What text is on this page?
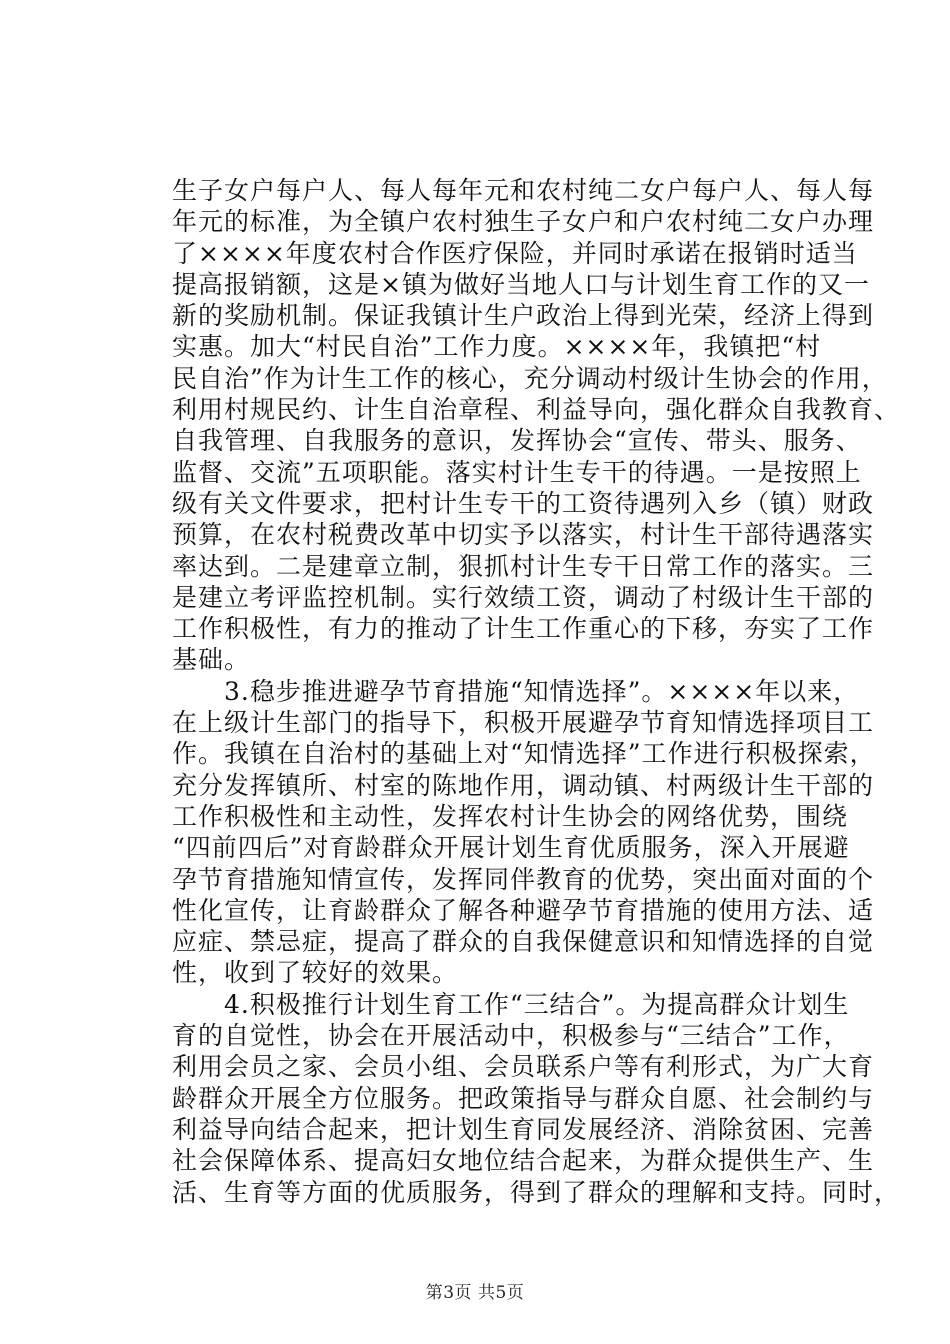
生子女户每户人、每人每年元和农村纯二女户每户人、每人每
年元的标准，为全镇户农村独生子女户和户农村纯二女户办理
了××××年度农村合作医疗保险，并同时承诺在报销时适当
提高报销额，这是×镇为做好当地人口与计划生育工作的又一
新的奖励机制。保证我镇计生户政治上得到光荣，经济上得到
实惠。加大“村民自治”工作力度。××××年，我镇把“村
民自治”作为计生工作的核心，充分调动村级计生协会的作用，
利用村规民约、计生自治章程、利益导向，强化群众自我教育、
自我管理、自我服务的意识，发挥协会“宣传、带头、服务、
监督、交流”五项职能。落实村计生专干的待遇。一是按照上
级有关文件要求，把村计生专干的工资待遇列入乡（镇）财政
预算，在农村税费改革中切实予以落实，村计生干部待遇落实
率达到。二是建章立制，狠抓村计生专干日常工作的落实。三
是建立考评监控机制。实行效绩工资，调动了村级计生干部的
工作积极性，有力的推动了计生工作重心的下移，夯实了工作
基础。
3.稳步推进避孕节育措施“知情选择”。××××年以来，
在上级计生部门的指导下，积极开展避孕节育知情选择项目工
作。我镇在自治村的基础上对“知情选择”工作进行积极探索，
充分发挥镇所、村室的陈地作用，调动镇、村两级计生干部的
工作积极性和主动性，发挥农村计生协会的网络优势，围绕
“四前四后”对育龄群众开展计划生育优质服务，深入开展避
孕节育措施知情宣传，发挥同伴教育的优势，突出面对面的个
性化宣传，让育龄群众了解各种避孕节育措施的使用方法、适
应症、禁忌症，提高了群众的自我保健意识和知情选择的自觉
性，收到了较好的效果。
4.积极推行计划生育工作“三结合”。为提高群众计划生
育的自觉性，协会在开展活动中，积极参与“三结合”工作，
利用会员之家、会员小组、会员联系户等有利形式，为广大育
龄群众开展全方位服务。把政策指导与群众自愿、社会制约与
利益导向结合起来，把计划生育同发展经济、消除贫困、完善
社会保障体系、提高妇女地位结合起来，为群众提供生产、生
活、生育等方面的优质服务，得到了群众的理解和支持。同时，
第3页 共5页
